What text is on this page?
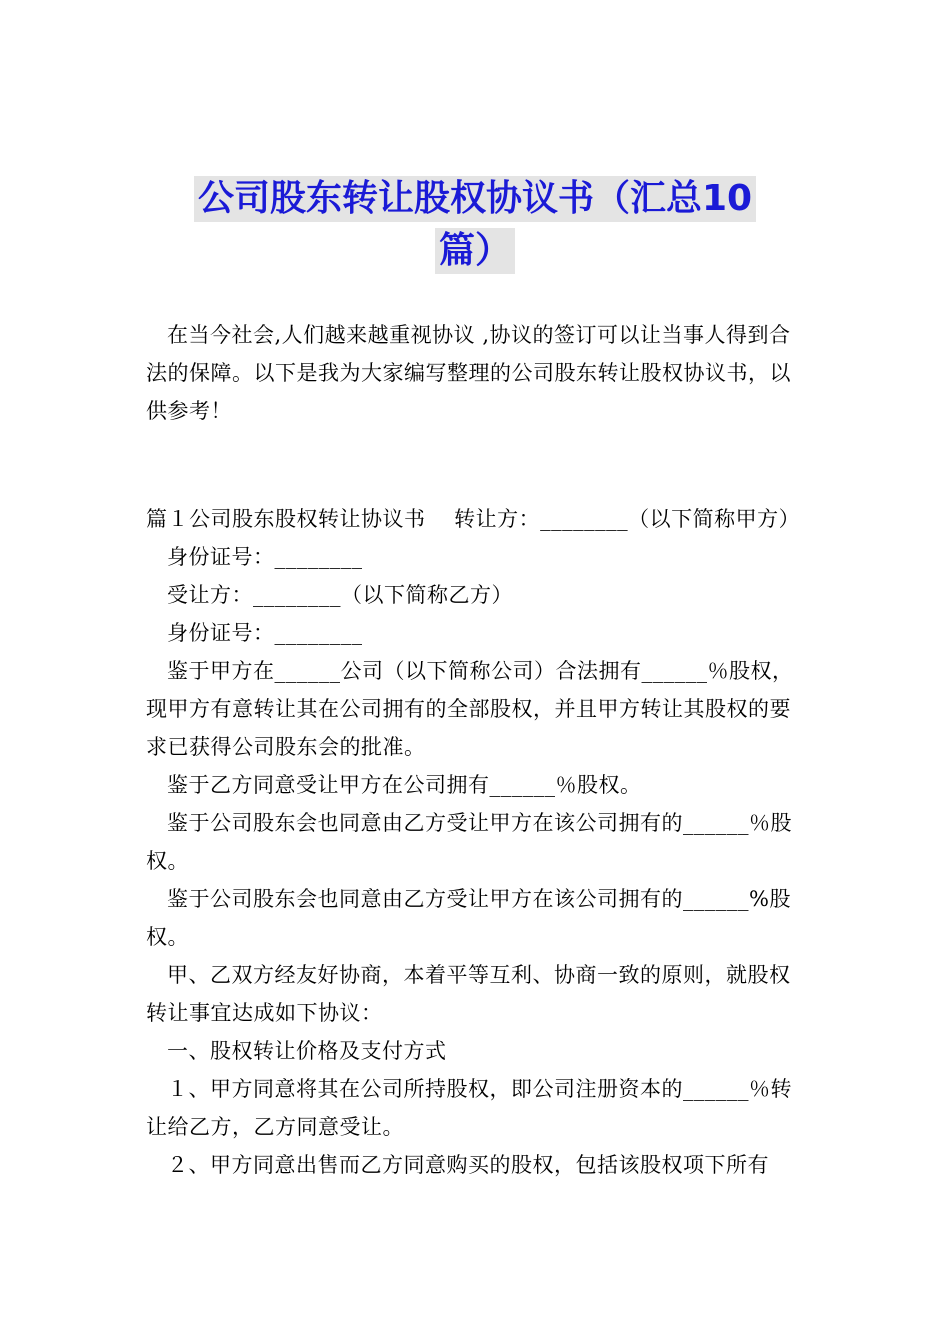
公司股东转让股权协议书（汇总10
篇）

在当今社会,人们越来越重视协议 ,协议的签订可以让当事人得到合法的保障。以下是我为大家编写整理的公司股东转让股权协议书，以供参考！

篇１公司股东股权转让协议书　 转让方：________（以下简称甲方）

身份证号：________

受让方：________（以下简称乙方）

身份证号：________

鉴于甲方在______公司（以下简称公司）合法拥有______％股权，现甲方有意转让其在公司拥有的全部股权，并且甲方转让其股权的要求已获得公司股东会的批准。

鉴于乙方同意受让甲方在公司拥有______％股权。

鉴于公司股东会也同意由乙方受让甲方在该公司拥有的______％股权。

鉴于公司股东会也同意由乙方受让甲方在该公司拥有的______%股权。

甲、乙双方经友好协商，本着平等互利、协商一致的原则，就股权转让事宜达成如下协议：

一、股权转让价格及支付方式

１、甲方同意将其在公司所持股权，即公司注册资本的______％转让给乙方，乙方同意受让。

２、甲方同意出售而乙方同意购买的股权，包括该股权项下所有
